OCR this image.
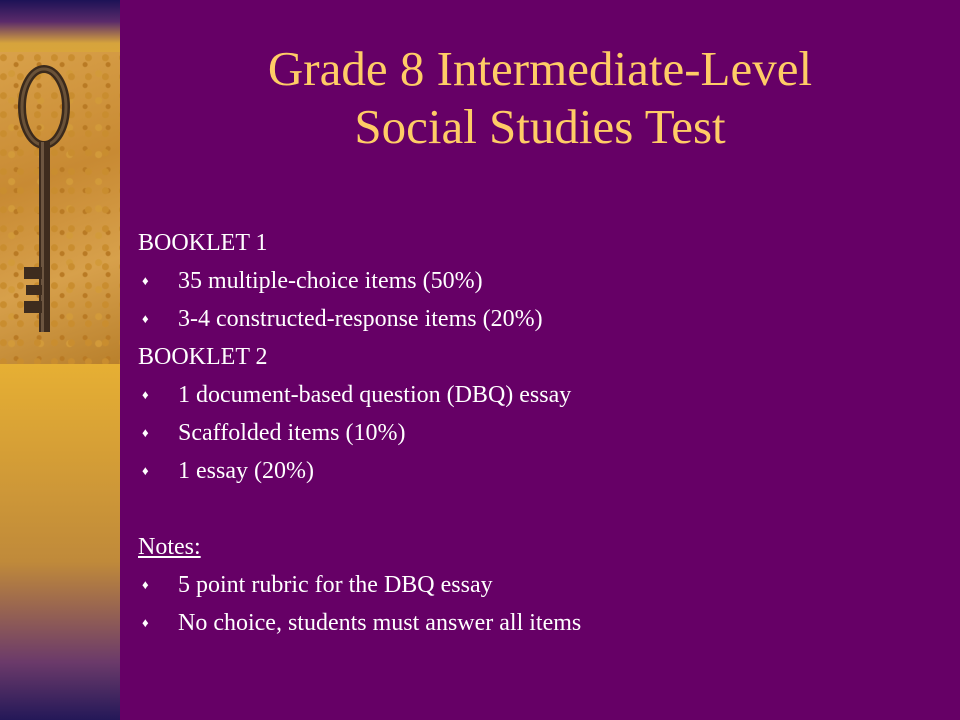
Grade 8 Intermediate-Level
Social Studies Test
BOOKLET 1
♦ 35 multiple-choice items (50%)
♦ 3-4 constructed-response items (20%)
BOOKLET 2
♦ 1 document-based question (DBQ) essay
♦ Scaffolded items (10%)
♦ 1 essay (20%)
Notes:
♦ 5 point rubric for the DBQ essay
♦ No choice, students must answer all items
